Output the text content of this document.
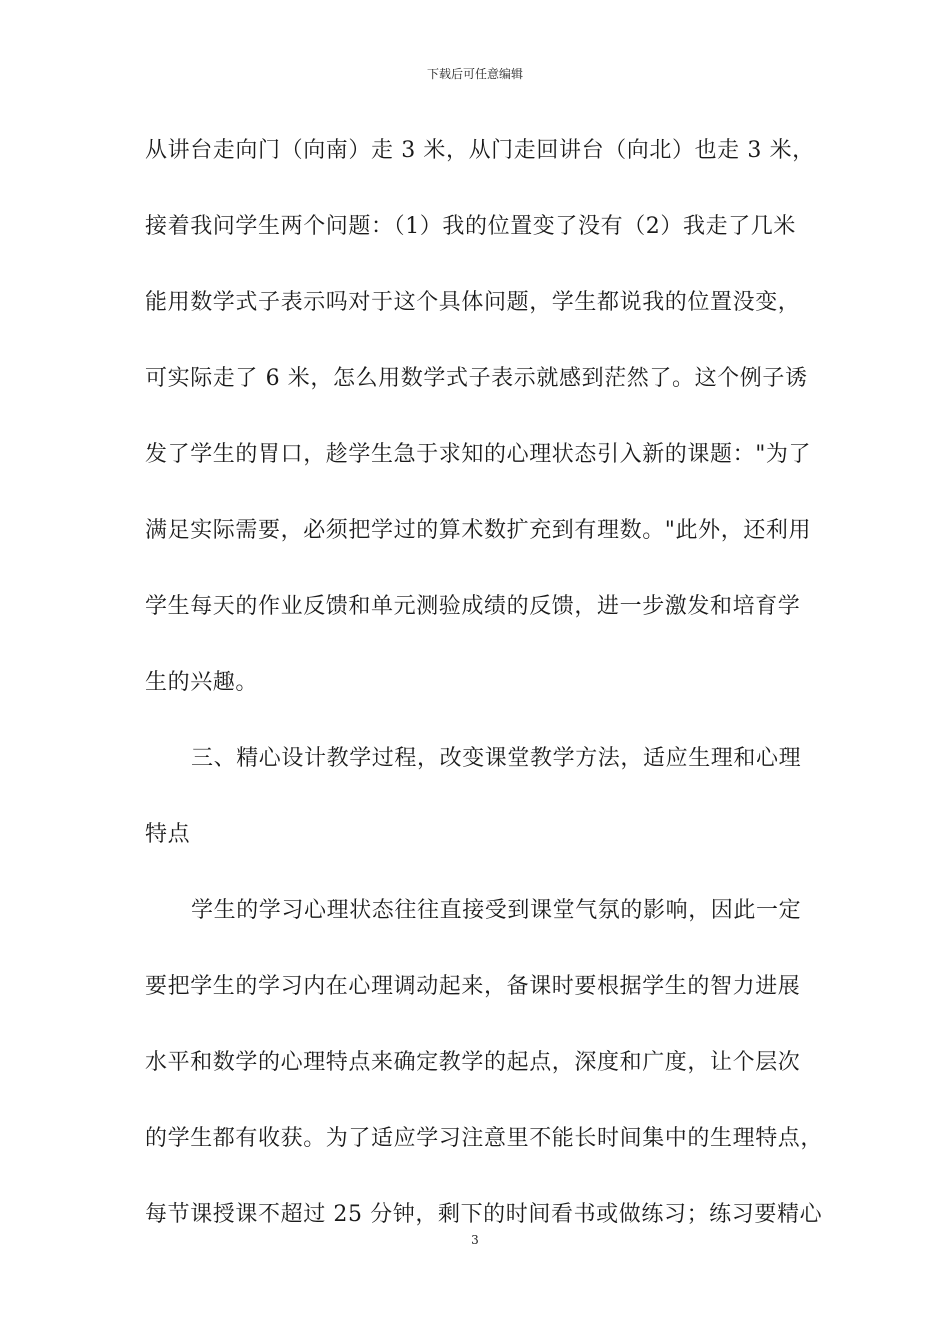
下载后可任意编辑
从讲台走向门（向南）走 3 米，从门走回讲台（向北）也走 3 米，
接着我问学生两个问题：（1）我的位置变了没有（2）我走了几米
能用数学式子表示吗对于这个具体问题，学生都说我的位置没变，
可实际走了 6 米，怎么用数学式子表示就感到茫然了。这个例子诱
发了学生的胃口，趁学生急于求知的心理状态引入新的课题："为了
满足实际需要，必须把学过的算术数扩充到有理数。"此外，还利用
学生每天的作业反馈和单元测验成绩的反馈，进一步激发和培育学
生的兴趣。
三、精心设计教学过程，改变课堂教学方法，适应生理和心理
特点
学生的学习心理状态往往直接受到课堂气氛的影响，因此一定
要把学生的学习内在心理调动起来，备课时要根据学生的智力进展
水平和数学的心理特点来确定教学的起点，深度和广度，让个层次
的学生都有收获。为了适应学习注意里不能长时间集中的生理特点，
每节课授课不超过 25 分钟，剩下的时间看书或做练习；练习要精心
3
